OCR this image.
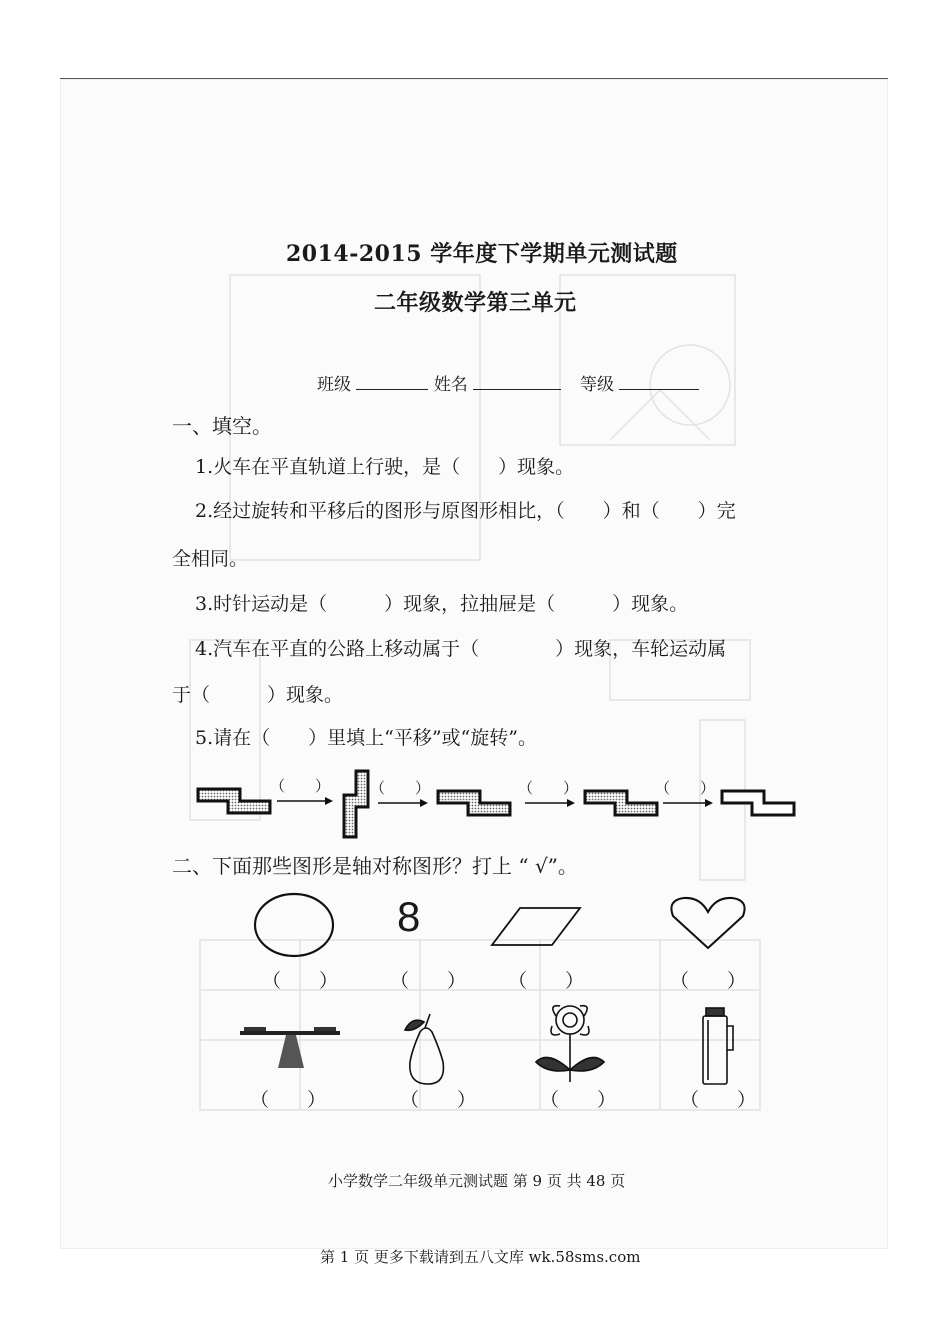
2014-2015 学年度下学期单元测试题
二年级数学第三单元
班级	姓名	等级
一、填空。
1.火车在平直轨道上行驶，是（　　）现象。
2.经过旋转和平移后的图形与原图形相比，（　　）和（　　）完
全相同。
3.时针运动是（　　　）现象，拉抽屉是（　　　）现象。
4.汽车在平直的公路上移动属于（　　　　）现象，车轮运动属
于（　　　）现象。
5.请在（　　）里填上“平移”或“旋转”。
（　　）	（　　）	（　　）	（　　）
二、下面那些图形是轴对称图形？打上 “ √”。
8
（　　）	（　　） （　　）	（　　）
（　　）	（　　）	（　　）	（　　）
小学数学二年级单元测试题 第 9 页 共 48 页
第 1 页 更多下载请到五八文库 wk.58sms.com
